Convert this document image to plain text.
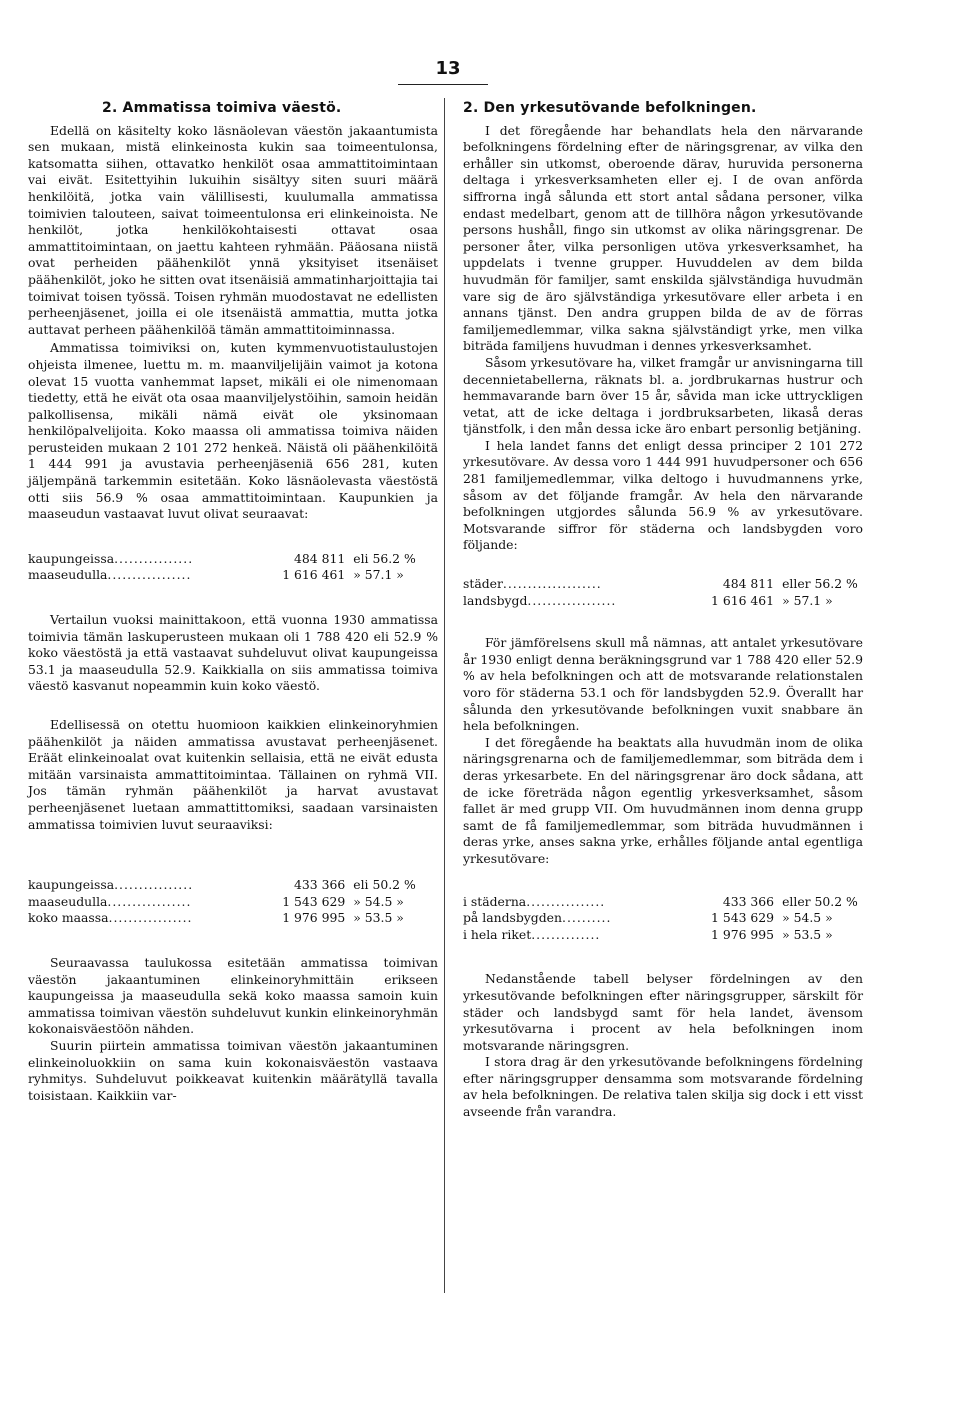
13
2. Ammatissa toimiva väestö.

Edellä on käsitelty koko läsnäolevan väestön jakaantumista sen mukaan, mistä elinkeinosta kukin saa toimeentulonsa, katsomatta siihen, ottavatko henkilöt osaa ammattitoimintaan vai eivät. Esitettyihin lukuihin sisältyy siten suuri määrä henkilöitä, jotka vain välillisesti, kuulumalla ammatissa toimivien talouteen, saivat toimeentulonsa eri elinkeinoista. Ne henkilöt, jotka henkilökohtaisesti ottavat osaa ammattitoimintaan, on jaettu kahteen ryhmään. Pääosana niistä ovat perheiden päähenkilöt ynnä yksityiset itsenäiset päähenkilöt, joko he sitten ovat itsenäisiä ammatinharjoittajia tai toimivat toisen työssä. Toisen ryhmän muodostavat ne edellisten perheenjäsenet, joilla ei ole itsenäistä ammattia, mutta jotka auttavat perheen päähenkilöä tämän ammattitoiminnassa.

Ammatissa toimiviksi on, kuten kymmenvuotistaulustojen ohjeista ilmenee, luettu m. m. maanviljelijäin vaimot ja kotona olevat 15 vuotta vanhemmat lapset, mikäli ei ole nimenomaan tiedetty, että he eivät ota osaa maanviljelystöihin, samoin heidän palkollisensa, mikäli nämä eivät ole yksinomaan henkilöpalvelijoita. Koko maassa oli ammatissa toimiva näiden perusteiden mukaan 2 101 272 henkeä. Näistä oli päähenkilöitä 1 444 991 ja avustavia perheenjäseniä 656 281, kuten jäljempänä tarkemmin esitetään. Koko läsnäolevasta väestöstä otti siis 56.9 % osaa ammattitoimintaan. Kaupunkien ja maaseudun vastaavat luvut olivat seuraavat:

kaupungeissa................	484 811	eli 56.2 %
maaseudulla.................	1 616 461	» 57.1 »

Vertailun vuoksi mainittakoon, että vuonna 1930 ammatissa toimivia tämän laskuperusteen mukaan oli 1 788 420 eli 52.9 % koko väestöstä ja että vastaavat suhdeluvut olivat kaupungeissa 53.1 ja maaseudulla 52.9. Kaikkialla on siis ammatissa toimiva väestö kasvanut nopeammin kuin koko väestö.

Edellisessä on otettu huomioon kaikkien elinkeinoryhmien päähenkilöt ja näiden ammatissa avustavat perheenjäsenet. Eräät elinkeinoalat ovat kuitenkin sellaisia, että ne eivät edusta mitään varsinaista ammattitoimintaa. Tällainen on ryhmä VII. Jos tämän ryhmän päähenkilöt ja harvat avustavat perheenjäsenet luetaan ammattittomiksi, saadaan varsinaisten ammatissa toimivien luvut seuraaviksi:

kaupungeissa................	433 366	eli 50.2 %
maaseudulla.................	1 543 629	» 54.5 »
koko maassa.................	1 976 995	» 53.5 »

Seuraavassa taulukossa esitetään ammatissa toimivan väestön jakaantuminen elinkeinoryhmittäin erikseen kaupungeissa ja maaseudulla sekä koko maassa samoin kuin ammatissa toimivan väestön suhdeluvut kunkin elinkeinoryhmän kokonaisväestöön nähden.

Suurin piirtein ammatissa toimivan väestön jakaantuminen elinkeinoluokkiin on sama kuin kokonaisväestön vastaava ryhmitys. Suhdeluvut poikkeavat kuitenkin määrätyllä tavalla toisistaan. Kaikkiin var-

2. Den yrkesutövande befolkningen.

I det föregående har behandlats hela den närvarande befolkningens fördelning efter de näringsgrenar, av vilka den erhåller sin utkomst, oberoende därav, huruvida personerna deltaga i yrkesverksamheten eller ej. I de ovan anförda siffrorna ingå sålunda ett stort antal sådana personer, vilka endast medelbart, genom att de tillhöra någon yrkesutövande persons hushåll, fingo sin utkomst av olika näringsgrenar. De personer åter, vilka personligen utöva yrkesverksamhet, ha uppdelats i tvenne grupper. Huvuddelen av dem bilda huvudmän för familjer, samt enskilda självständiga huvudmän vare sig de äro självständiga yrkesutövare eller arbeta i en annans tjänst. Den andra gruppen bilda de av de förras familjemedlemmar, vilka sakna självständigt yrke, men vilka biträda familjens huvudman i dennes yrkesverksamhet.

Såsom yrkesutövare ha, vilket framgår ur anvisningarna till decennietabellerna, räknats bl. a. jordbrukarnas hustrur och hemmavarande barn över 15 år, såvida man icke uttryckligen vetat, att de icke deltaga i jordbruksarbeten, likaså deras tjänstfolk, i den mån dessa icke äro enbart personlig betjäning.

I hela landet fanns det enligt dessa principer 2 101 272 yrkesutövare. Av dessa voro 1 444 991 huvudpersoner och 656 281 familjemedlemmar, vilka deltogo i huvudmannens yrke, såsom av det följande framgår. Av hela den närvarande befolkningen utgjordes sålunda 56.9 % av yrkesutövare. Motsvarande siffror för städerna och landsbygden voro följande:

städer....................	484 811	eller 56.2 %
landsbygd..................	1 616 461	» 57.1 »

För jämförelsens skull må nämnas, att antalet yrkesutövare år 1930 enligt denna beräkningsgrund var 1 788 420 eller 52.9 % av hela befolkningen och att de motsvarande relationstalen voro för städerna 53.1 och för landsbygden 52.9. Överallt har sålunda den yrkesutövande befolkningen vuxit snabbare än hela befolkningen.

I det föregående ha beaktats alla huvudmän inom de olika näringsgrenarna och de familjemedlemmar, som biträda dem i deras yrkesarbete. En del näringsgrenar äro dock sådana, att de icke företräda någon egentlig yrkesverksamhet, såsom fallet är med grupp VII. Om huvudmännen inom denna grupp samt de få familjemedlemmar, som biträda huvudmännen i deras yrke, anses sakna yrke, erhålles följande antal egentliga yrkesutövare:

i städerna................	433 366	eller 50.2 %
på landsbygden..........	1 543 629	» 54.5 »
i hela riket..............	1 976 995	» 53.5 »

Nedanstående tabell belyser fördelningen av den yrkesutövande befolkningen efter näringsgrupper, särskilt för städer och landsbygd samt för hela landet, ävensom yrkesutövarna i procent av hela befolkningen inom motsvarande näringsgren.

I stora drag är den yrkesutövande befolkningens fördelning efter näringsgrupper densamma som motsvarande fördelning av hela befolkningen. De relativa talen skilja sig dock i ett visst avseende från varandra.
